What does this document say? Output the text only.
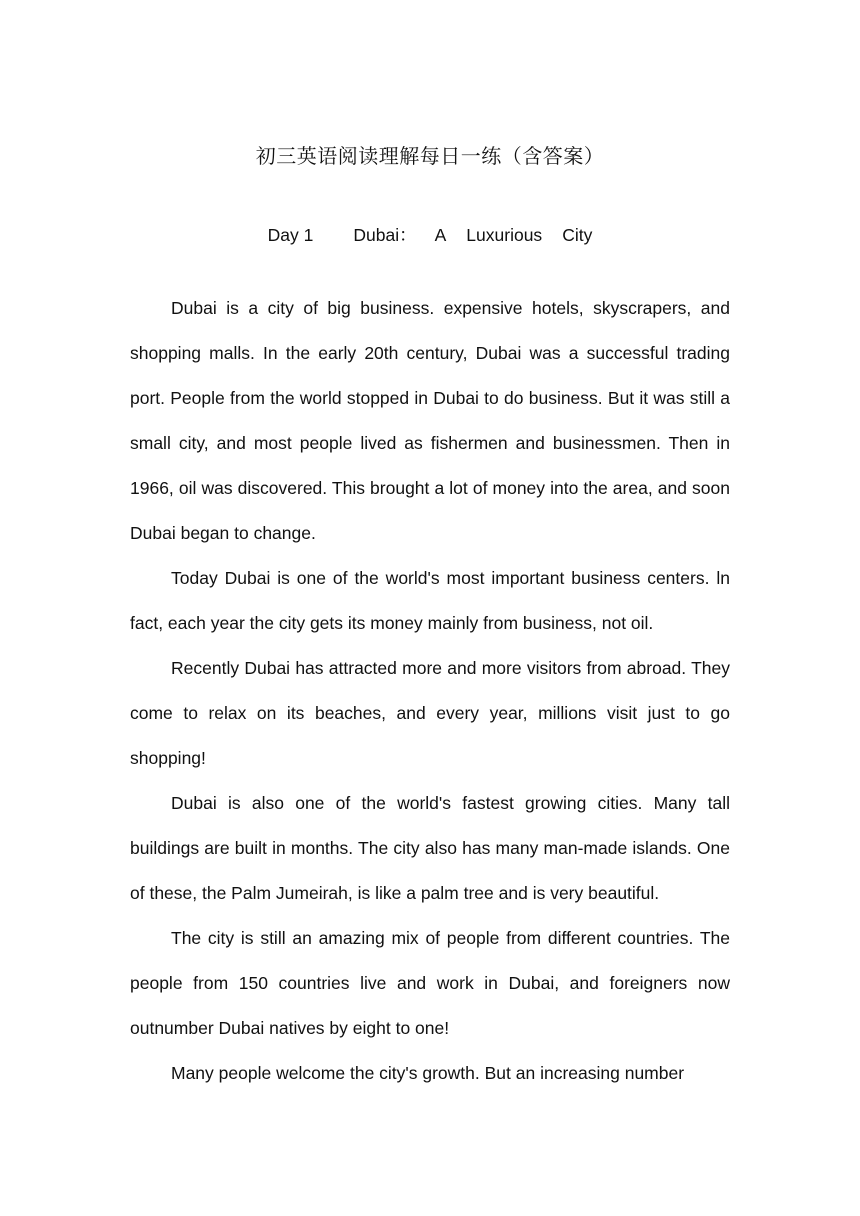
初三英语阅读理解每日一练（含答案）
Day 1 Dubai： A Luxurious City

Dubai is a city of big business. expensive hotels, skyscrapers, and shopping malls. In the early 20th century, Dubai was a successful trading port. People from the world stopped in Dubai to do business. But it was still a small city, and most people lived as fishermen and businessmen. Then in 1966, oil was discovered. This brought a lot of money into the area, and soon Dubai began to change.

Today Dubai is one of the world's most important business centers. ln fact, each year the city gets its money mainly from business, not oil.

Recently Dubai has attracted more and more visitors from abroad. They come to relax on its beaches, and every year, millions visit just to go shopping!

Dubai is also one of the world's fastest growing cities. Many tall buildings are built in months. The city also has many man-made islands. One of these, the Palm Jumeirah, is like a palm tree and is very beautiful.

The city is still an amazing mix of people from different countries. The people from 150 countries live and work in Dubai, and foreigners now outnumber Dubai natives by eight to one!

Many people welcome the city's growth. But an increasing number
